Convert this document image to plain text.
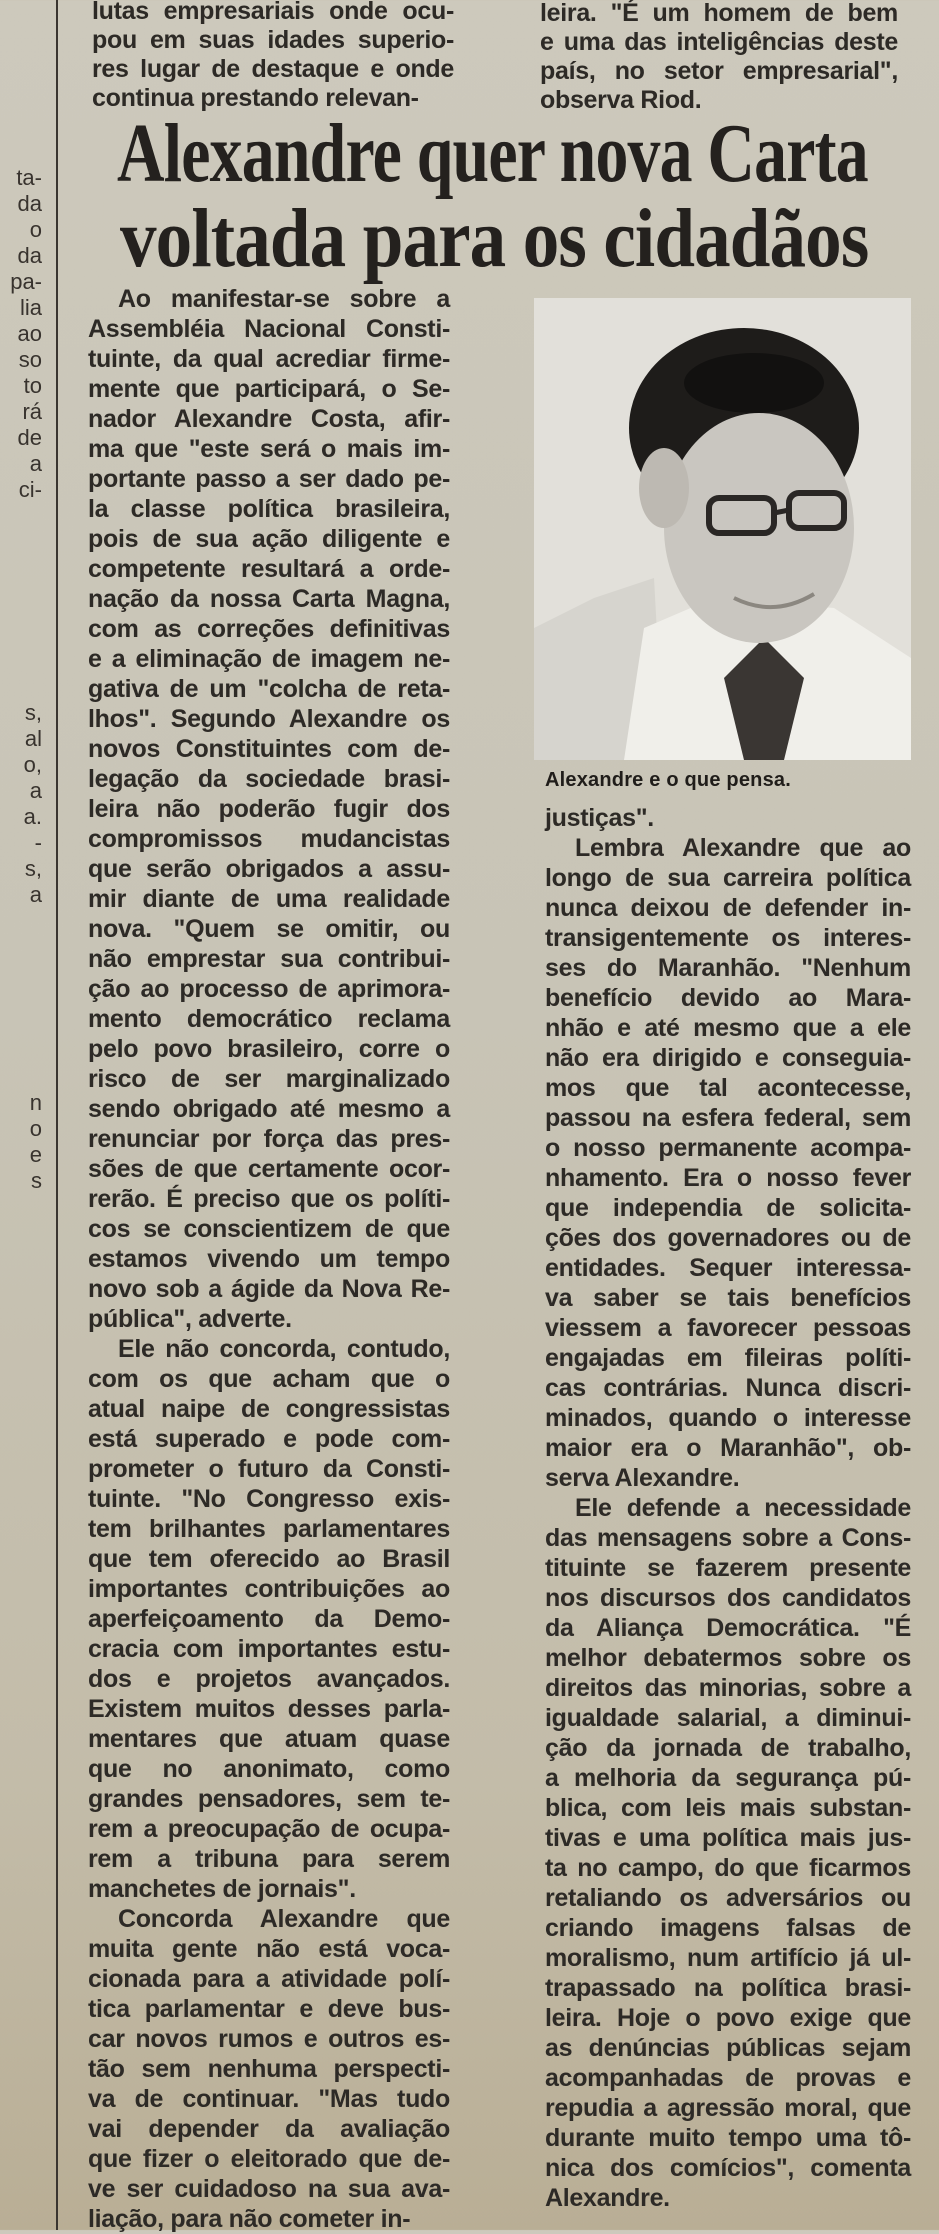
ta-
da
o
da
pa-
lia
ao
so
to
rá
de
a
ci-
s,
al
o,
a
a.
-
s,
a
n
o
e
s
lutas empresariais onde ocu-
pou em suas idades superio-
res lugar de destaque e onde
continua prestando relevan-
leira. "É um homem de bem
e uma das inteligências deste
país, no setor empresarial",
observa Riod.
Alexandre quer nova Carta
voltada para os cidadãos
Alexandre e o que pensa.
Ao manifestar-se sobre a
Assembléia Nacional Consti-
tuinte, da qual acrediar firme-
mente que participará, o Se-
nador Alexandre Costa, afir-
ma que "este será o mais im-
portante passo a ser dado pe-
la classe política brasileira,
pois de sua ação diligente e
competente resultará a orde-
nação da nossa Carta Magna,
com as correções definitivas
e a eliminação de imagem ne-
gativa de um "colcha de reta-
lhos". Segundo Alexandre os
novos Constituintes com de-
legação da sociedade brasi-
leira não poderão fugir dos
compromissos mudancistas
que serão obrigados a assu-
mir diante de uma realidade
nova. "Quem se omitir, ou
não emprestar sua contribui-
ção ao processo de aprimora-
mento democrático reclama
pelo povo brasileiro, corre o
risco de ser marginalizado
sendo obrigado até mesmo a
renunciar por força das pres-
sões de que certamente ocor-
rerão. É preciso que os políti-
cos se conscientizem de que
estamos vivendo um tempo
novo sob a ágide da Nova Re-
pública", adverte.
Ele não concorda, contudo,
com os que acham que o
atual naipe de congressistas
está superado e pode com-
prometer o futuro da Consti-
tuinte. "No Congresso exis-
tem brilhantes parlamentares
que tem oferecido ao Brasil
importantes contribuições ao
aperfeiçoamento da Demo-
cracia com importantes estu-
dos e projetos avançados.
Existem muitos desses parla-
mentares que atuam quase
que no anonimato, como
grandes pensadores, sem te-
rem a preocupação de ocupa-
rem a tribuna para serem
manchetes de jornais".
Concorda Alexandre que
muita gente não está voca-
cionada para a atividade polí-
tica parlamentar e deve bus-
car novos rumos e outros es-
tão sem nenhuma perspecti-
va de continuar. "Mas tudo
vai depender da avaliação
que fizer o eleitorado que de-
ve ser cuidadoso na sua ava-
liação, para não cometer in-
justiças".
Lembra Alexandre que ao
longo de sua carreira política
nunca deixou de defender in-
transigentemente os interes-
ses do Maranhão. "Nenhum
benefício devido ao Mara-
nhão e até mesmo que a ele
não era dirigido e conseguia-
mos que tal acontecesse,
passou na esfera federal, sem
o nosso permanente acompa-
nhamento. Era o nosso fever
que independia de solicita-
ções dos governadores ou de
entidades. Sequer interessa-
va saber se tais benefícios
viessem a favorecer pessoas
engajadas em fileiras políti-
cas contrárias. Nunca discri-
minados, quando o interesse
maior era o Maranhão", ob-
serva Alexandre.
Ele defende a necessidade
das mensagens sobre a Cons-
tituinte se fazerem presente
nos discursos dos candidatos
da Aliança Democrática. "É
melhor debatermos sobre os
direitos das minorias, sobre a
igualdade salarial, a diminui-
ção da jornada de trabalho,
a melhoria da segurança pú-
blica, com leis mais substan-
tivas e uma política mais jus-
ta no campo, do que ficarmos
retaliando os adversários ou
criando imagens falsas de
moralismo, num artifício já ul-
trapassado na política brasi-
leira. Hoje o povo exige que
as denúncias públicas sejam
acompanhadas de provas e
repudia a agressão moral, que
durante muito tempo uma tô-
nica dos comícios", comenta
Alexandre.
